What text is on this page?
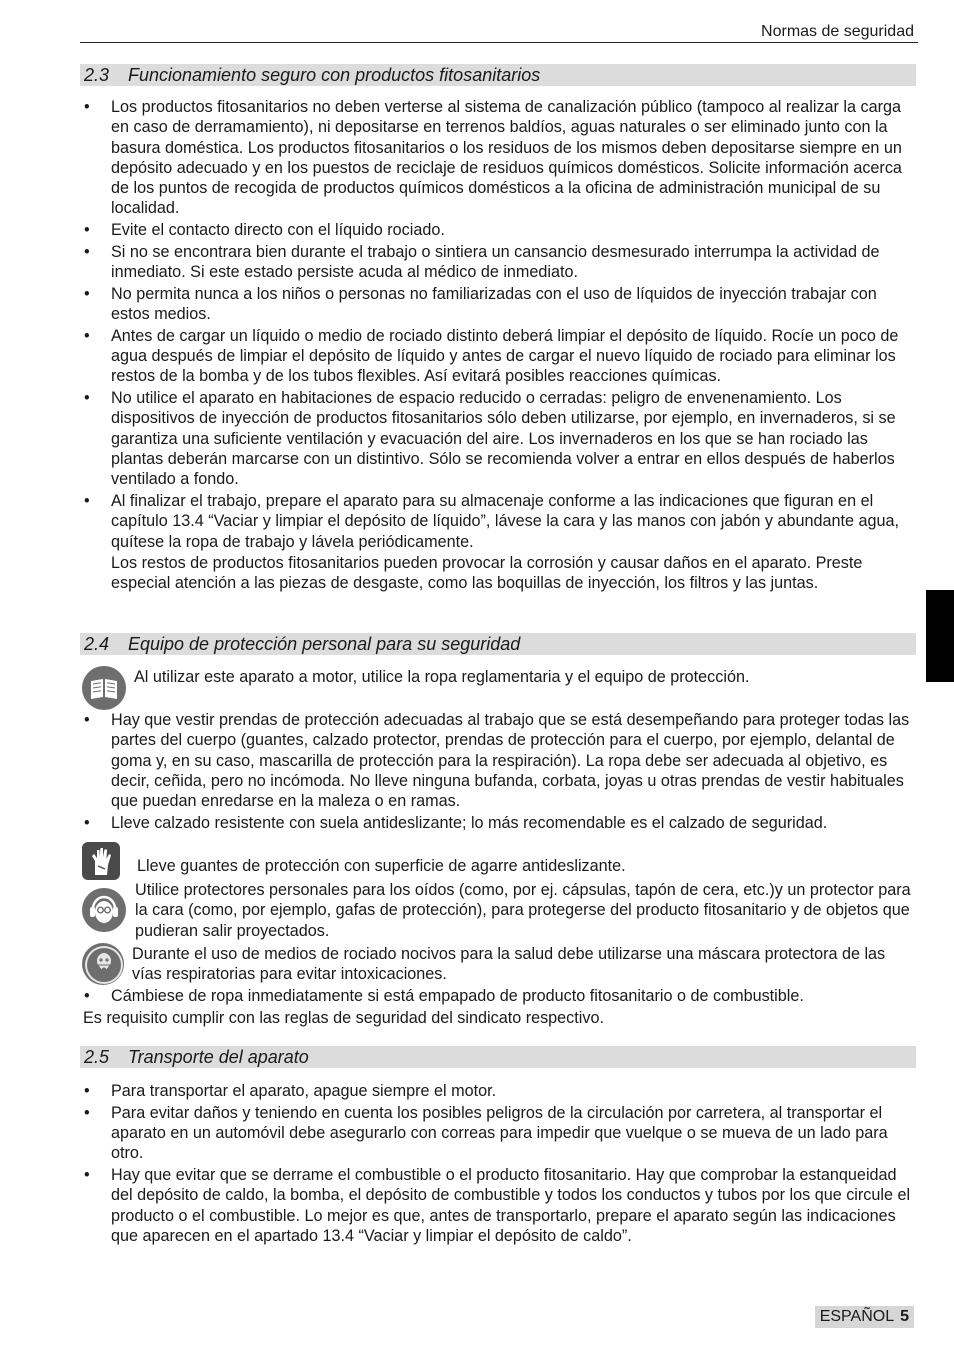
Normas de seguridad
2.3 Funcionamiento seguro con productos fitosanitarios
• Los productos fitosanitarios no deben verterse al sistema de canalización público (tampoco al realizar la carga en caso de derramamiento), ni depositarse en terrenos baldíos, aguas naturales o ser eliminado junto con la basura doméstica. Los productos fitosanitarios o los residuos de los mismos deben depositarse siempre en un depósito adecuado y en los puestos de reciclaje de residuos químicos domésticos. Solicite información acerca de los puntos de recogida de productos químicos domésticos a la oficina de administración municipal de su localidad.
• Evite el contacto directo con el líquido rociado.
• Si no se encontrara bien durante el trabajo o sintiera un cansancio desmesurado interrumpa la actividad de inmediato. Si este estado persiste acuda al médico de inmediato.
• No permita nunca a los niños o personas no familiarizadas con el uso de líquidos de inyección trabajar con estos medios.
• Antes de cargar un líquido o medio de rociado distinto deberá limpiar el depósito de líquido. Rocíe un poco de agua después de limpiar el depósito de líquido y antes de cargar el nuevo líquido de rociado para eliminar los restos de la bomba y de los tubos flexibles. Así evitará posibles reacciones químicas.
• No utilice el aparato en habitaciones de espacio reducido o cerradas: peligro de envenenamiento. Los dispositivos de inyección de productos fitosanitarios sólo deben utilizarse, por ejemplo, en invernaderos, si se garantiza una suficiente ventilación y evacuación del aire. Los invernaderos en los que se han rociado las plantas deberán marcarse con un distintivo. Sólo se recomienda volver a entrar en ellos después de haberlos ventilado a fondo.
• Al finalizar el trabajo, prepare el aparato para su almacenaje conforme a las indicaciones que figuran en el capítulo 13.4 “Vaciar y limpiar el depósito de líquido”, lávese la cara y las manos con jabón y abundante agua, quítese la ropa de trabajo y lávela periódicamente.
Los restos de productos fitosanitarios pueden provocar la corrosión y causar daños en el aparato. Preste especial atención a las piezas de desgaste, como las boquillas de inyección, los filtros y las juntas.
2.4 Equipo de protección personal para su seguridad
Al utilizar este aparato a motor, utilice la ropa reglamentaria y el equipo de protección.
• Hay que vestir prendas de protección adecuadas al trabajo que se está desempeñando para proteger todas las partes del cuerpo (guantes, calzado protector, prendas de protección para el cuerpo, por ejemplo, delantal de goma y, en su caso, mascarilla de protección para la respiración). La ropa debe ser adecuada al objetivo, es decir, ceñida, pero no incómoda. No lleve ninguna bufanda, corbata, joyas u otras prendas de vestir habituales que puedan enredarse en la maleza o en ramas.
• Lleve calzado resistente con suela antideslizante; lo más recomendable es el calzado de seguridad.
Lleve guantes de protección con superficie de agarre antideslizante.
Utilice protectores personales para los oídos (como, por ej. cápsulas, tapón de cera, etc.)y un protector para la cara (como, por ejemplo, gafas de protección), para protegerse del producto fitosanitario y de objetos que pudieran salir proyectados.
Durante el uso de medios de rociado nocivos para la salud debe utilizarse una máscara protectora de las vías respiratorias para evitar intoxicaciones.
• Cámbiese de ropa inmediatamente si está empapado de producto fitosanitario o de combustible.
Es requisito cumplir con las reglas de seguridad del sindicato respectivo.
2.5 Transporte del aparato
• Para transportar el aparato, apague siempre el motor.
• Para evitar daños y teniendo en cuenta los posibles peligros de la circulación por carretera, al transportar el aparato en un automóvil debe asegurarlo con correas para impedir que vuelque o se mueva de un lado para otro.
• Hay que evitar que se derrame el combustible o el producto fitosanitario. Hay que comprobar la estanqueidad del depósito de caldo, la bomba, el depósito de combustible y todos los conductos y tubos por los que circule el producto o el combustible. Lo mejor es que, antes de transportarlo, prepare el aparato según las indicaciones que aparecen en el apartado 13.4 “Vaciar y limpiar el depósito de caldo”.
ESPAÑOL 5
